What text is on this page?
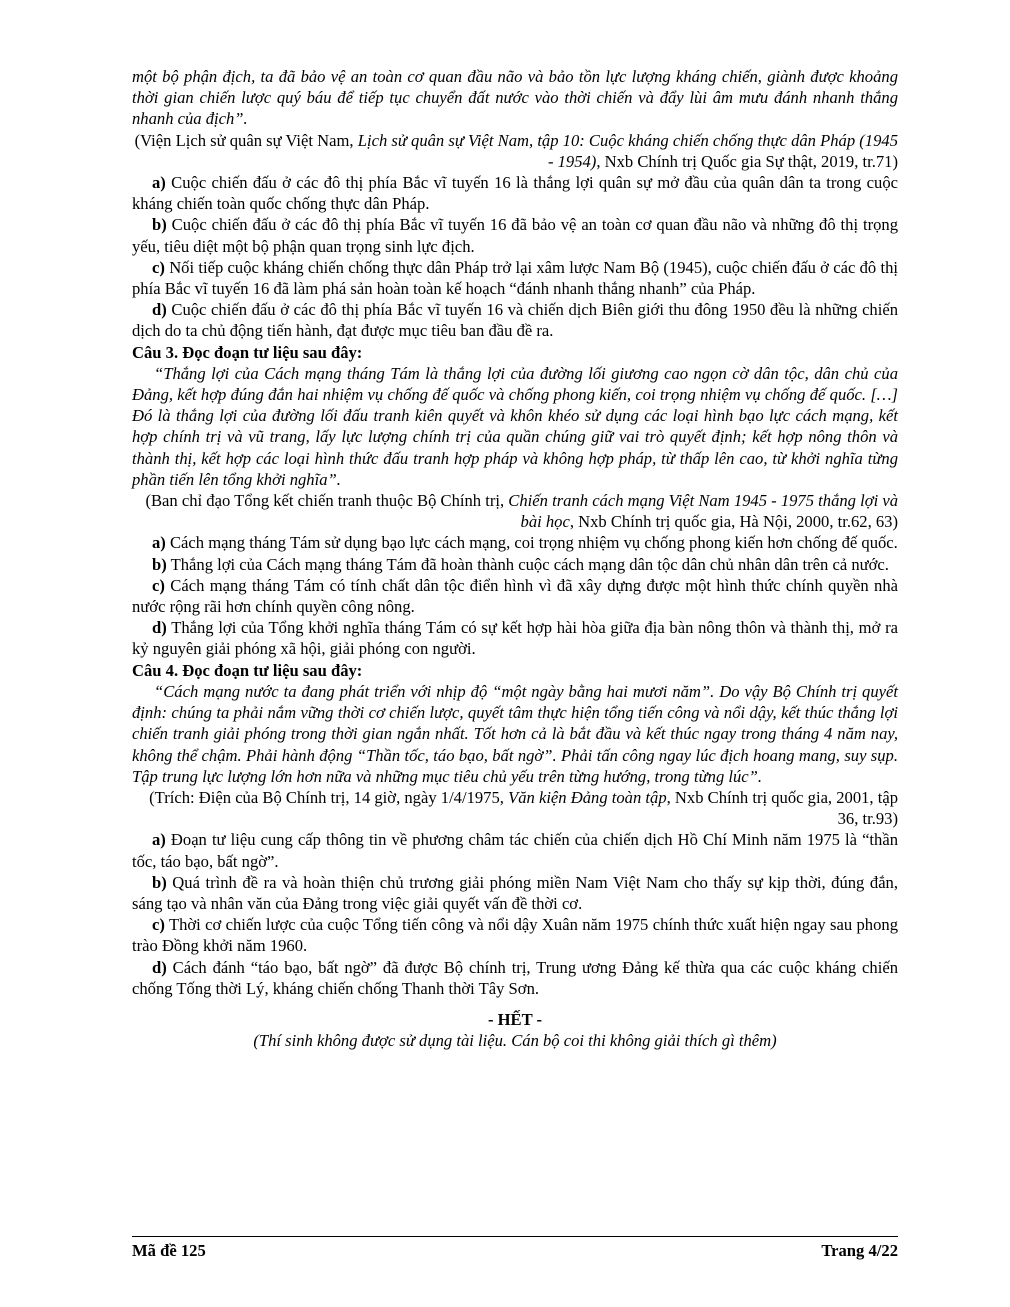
một bộ phận địch, ta đã bảo vệ an toàn cơ quan đầu não và bảo tồn lực lượng kháng chiến, giành được khoảng thời gian chiến lược quý báu để tiếp tục chuyển đất nước vào thời chiến và đẩy lùi âm mưu đánh nhanh thắng nhanh của địch”.

(Viện Lịch sử quân sự Việt Nam, Lịch sử quân sự Việt Nam, tập 10: Cuộc kháng chiến chống thực dân Pháp (1945 - 1954), Nxb Chính trị Quốc gia Sự thật, 2019, tr.71)

a) Cuộc chiến đấu ở các đô thị phía Bắc vĩ tuyến 16 là thắng lợi quân sự mở đầu của quân dân ta trong cuộc kháng chiến toàn quốc chống thực dân Pháp.

b) Cuộc chiến đấu ở các đô thị phía Bắc vĩ tuyến 16 đã bảo vệ an toàn cơ quan đầu não và những đô thị trọng yếu, tiêu diệt một bộ phận quan trọng sinh lực địch.

c) Nối tiếp cuộc kháng chiến chống thực dân Pháp trở lại xâm lược Nam Bộ (1945), cuộc chiến đấu ở các đô thị phía Bắc vĩ tuyến 16 đã làm phá sản hoàn toàn kế hoạch “đánh nhanh thắng nhanh” của Pháp.

d) Cuộc chiến đấu ở các đô thị phía Bắc vĩ tuyến 16 và chiến dịch Biên giới thu đông 1950 đều là những chiến dịch do ta chủ động tiến hành, đạt được mục tiêu ban đầu đề ra.

Câu 3. Đọc đoạn tư liệu sau đây:

“Thắng lợi của Cách mạng tháng Tám là thắng lợi của đường lối giương cao ngọn cờ dân tộc, dân chủ của Đảng, kết hợp đúng đắn hai nhiệm vụ chống đế quốc và chống phong kiến, coi trọng nhiệm vụ chống đế quốc. […] Đó là thắng lợi của đường lối đấu tranh kiên quyết và khôn khéo sử dụng các loại hình bạo lực cách mạng, kết hợp chính trị và vũ trang, lấy lực lượng chính trị của quần chúng giữ vai trò quyết định; kết hợp nông thôn và thành thị, kết hợp các loại hình thức đấu tranh hợp pháp và không hợp pháp, từ thấp lên cao, từ khởi nghĩa từng phần tiến lên tổng khởi nghĩa”.

(Ban chỉ đạo Tổng kết chiến tranh thuộc Bộ Chính trị, Chiến tranh cách mạng Việt Nam 1945 - 1975 thắng lợi và bài học, Nxb Chính trị quốc gia, Hà Nội, 2000, tr.62, 63)

a) Cách mạng tháng Tám sử dụng bạo lực cách mạng, coi trọng nhiệm vụ chống phong kiến hơn chống đế quốc.

b) Thắng lợi của Cách mạng tháng Tám đã hoàn thành cuộc cách mạng dân tộc dân chủ nhân dân trên cả nước.

c) Cách mạng tháng Tám có tính chất dân tộc điển hình vì đã xây dựng được một hình thức chính quyền nhà nước rộng rãi hơn chính quyền công nông.

d) Thắng lợi của Tổng khởi nghĩa tháng Tám có sự kết hợp hài hòa giữa địa bàn nông thôn và thành thị, mở ra kỷ nguyên giải phóng xã hội, giải phóng con người.

Câu 4. Đọc đoạn tư liệu sau đây:

“Cách mạng nước ta đang phát triển với nhịp độ “một ngày bằng hai mươi năm”. Do vậy Bộ Chính trị quyết định: chúng ta phải nắm vững thời cơ chiến lược, quyết tâm thực hiện tổng tiến công và nổi dậy, kết thúc thắng lợi chiến tranh giải phóng trong thời gian ngắn nhất. Tốt hơn cả là bắt đầu và kết thúc ngay trong tháng 4 năm nay, không thể chậm. Phải hành động “Thần tốc, táo bạo, bất ngờ”. Phải tấn công ngay lúc địch hoang mang, suy sụp. Tập trung lực lượng lớn hơn nữa và những mục tiêu chủ yếu trên từng hướng, trong từng lúc”.

(Trích: Điện của Bộ Chính trị, 14 giờ, ngày 1/4/1975, Văn kiện Đảng toàn tập, Nxb Chính trị quốc gia, 2001, tập 36, tr.93)

a) Đoạn tư liệu cung cấp thông tin về phương châm tác chiến của chiến dịch Hồ Chí Minh năm 1975 là “thần tốc, táo bạo, bất ngờ”.

b) Quá trình đề ra và hoàn thiện chủ trương giải phóng miền Nam Việt Nam cho thấy sự kịp thời, đúng đắn, sáng tạo và nhân văn của Đảng trong việc giải quyết vấn đề thời cơ.

c) Thời cơ chiến lược của cuộc Tổng tiến công và nổi dậy Xuân năm 1975 chính thức xuất hiện ngay sau phong trào Đồng khởi năm 1960.

d) Cách đánh “táo bạo, bất ngờ” đã được Bộ chính trị, Trung ương Đảng kế thừa qua các cuộc kháng chiến chống Tống thời Lý, kháng chiến chống Thanh thời Tây Sơn.

- HẾT -

(Thí sinh không được sử dụng tài liệu. Cán bộ coi thi không giải thích gì thêm)

Mã đề 125	Trang 4/22
